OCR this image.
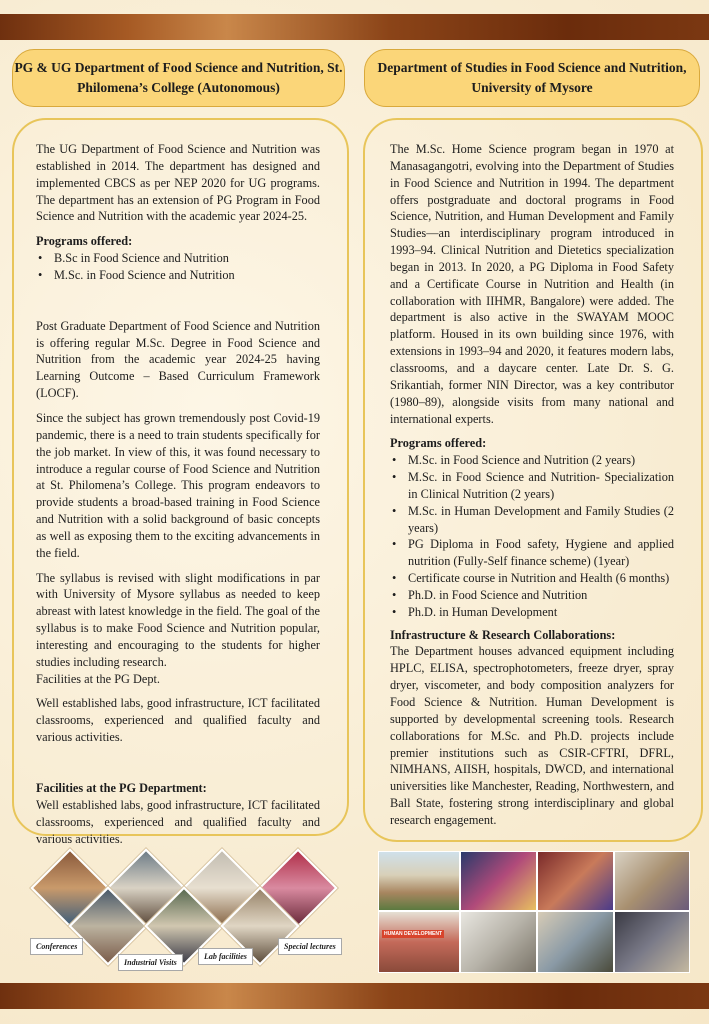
PG & UG Department of Food Science and Nutrition, St. Philomena’s College (Autonomous)
Department of Studies in Food Science and Nutrition, University of Mysore

The UG Department of Food Science and Nutrition was established in 2014. The department has designed and implemented CBCS as per NEP 2020 for UG programs. The department has an extension of PG Program in Food Science and Nutrition with the academic year 2024-25.

Programs offered:

• B.Sc in Food Science and Nutrition
• M.Sc. in Food Science and Nutrition

Post Graduate Department of Food Science and Nutrition is offering regular M.Sc. Degree in Food Science and Nutrition from the academic year 2024-25 having Learning Outcome – Based Curriculum Framework (LOCF).

Since the subject has grown tremendously post Covid-19 pandemic, there is a need to train students specifically for the job market. In view of this, it was found necessary to introduce a regular course of Food Science and Nutrition at St. Philomena’s College. This program endeavors to provide students a broad-based training in Food Science and Nutrition with a solid background of basic concepts as well as exposing them to the exciting advancements in the field.

The syllabus is revised with slight modifications in par with University of Mysore syllabus as needed to keep abreast with latest knowledge in the field. The goal of the syllabus is to make Food Science and Nutrition popular, interesting and encouraging to the students for higher studies including research.

Facilities at the PG Dept.

Well established labs, good infrastructure, ICT facilitated classrooms, experienced and qualified faculty and various activities.

Facilities at the PG Department:

Well established labs, good infrastructure, ICT facilitated classrooms, experienced and qualified faculty and various activities.

The M.Sc. Home Science program began in 1970 at Manasagangotri, evolving into the Department of Studies in Food Science and Nutrition in 1994. The department offers postgraduate and doctoral programs in Food Science, Nutrition, and Human Development and Family Studies—an interdisciplinary program introduced in 1993–94. Clinical Nutrition and Dietetics specialization began in 2013. In 2020, a PG Diploma in Food Safety and a Certificate Course in Nutrition and Health (in collaboration with IIHMR, Bangalore) were added. The department is also active in the SWAYAM MOOC platform. Housed in its own building since 1976, with extensions in 1993–94 and 2020, it features modern labs, classrooms, and a daycare center. Late Dr. S. G. Srikantiah, former NIN Director, was a key contributor (1980–89), alongside visits from many national and international experts.

Programs offered:

• M.Sc. in Food Science and Nutrition (2 years)
• M.Sc. in Food Science and Nutrition- Specialization in Clinical Nutrition (2 years)
• M.Sc. in Human Development and Family Studies (2 years)
• PG Diploma in Food safety, Hygiene and applied nutrition (Fully-Self finance scheme) (1year)
• Certificate course in Nutrition and Health (6 months)
• Ph.D. in Food Science and Nutrition
• Ph.D. in Human Development

Infrastructure & Research Collaborations:

The Department houses advanced equipment including HPLC, ELISA, spectrophotometers, freeze dryer, spray dryer, viscometer, and body composition analyzers for Food Science & Nutrition. Human Development is supported by developmental screening tools. Research collaborations for M.Sc. and Ph.D. projects include premier institutions such as CSIR-CFTRI, DFRL, NIMHANS, AIISH, hospitals, DWCD, and international universities like Manchester, Reading, Northwestern, and Ball State, fostering strong interdisciplinary and global research engagement.

Conferences
Industrial Visits
Lab facilities
Special lectures
HUMAN DEVELOPMENT
